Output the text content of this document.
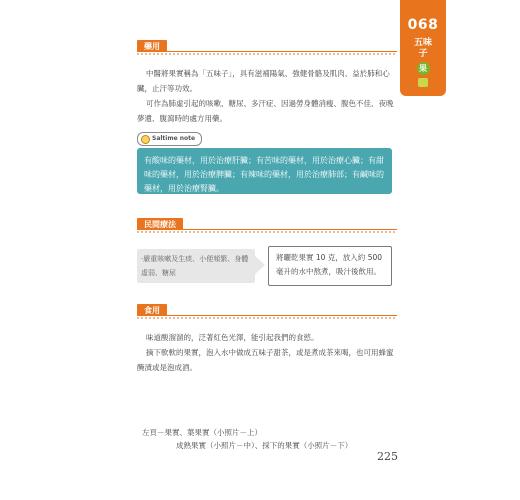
068
五味
子
果
藥用

中醫將果實稱為「五味子」，具有滋補陽氣、強健骨骼及肌肉、益於肺和心臟，止汗等功效。

可作為肺虛引起的咳嗽、糖尿、多汗症、因過勞身體消瘦、腹色不佳、夜晚夢遺、腹瀉時的處方用藥。

Saltime note
有酸味的藥材，用於治療肝臟；有苦味的藥材，用於治療心臟；有甜味的藥材，用於治療脾臟；有辣味的藥材，用於治療肺部；有鹹味的藥材，用於治療腎臟。
民間療法
‧嚴重咳嗽及生痰、小便頻繁、身體虛弱、糖尿
將曬乾果實 10 克，放入約 500 毫升的水中熬煮，吸汁後飲用。
食用

味道酸溜溜的，泛著紅色光澤，能引起我們的食慾。

摘下軟軟的果實，泡入水中做成五味子甜茶，或是煮成茶來喝，也可用蜂蜜醃漬或是泡成酒。

左頁－果實、葉果實（小照片－上）
成熟果實（小照片－中）、採下的果實（小照片－下）
225
